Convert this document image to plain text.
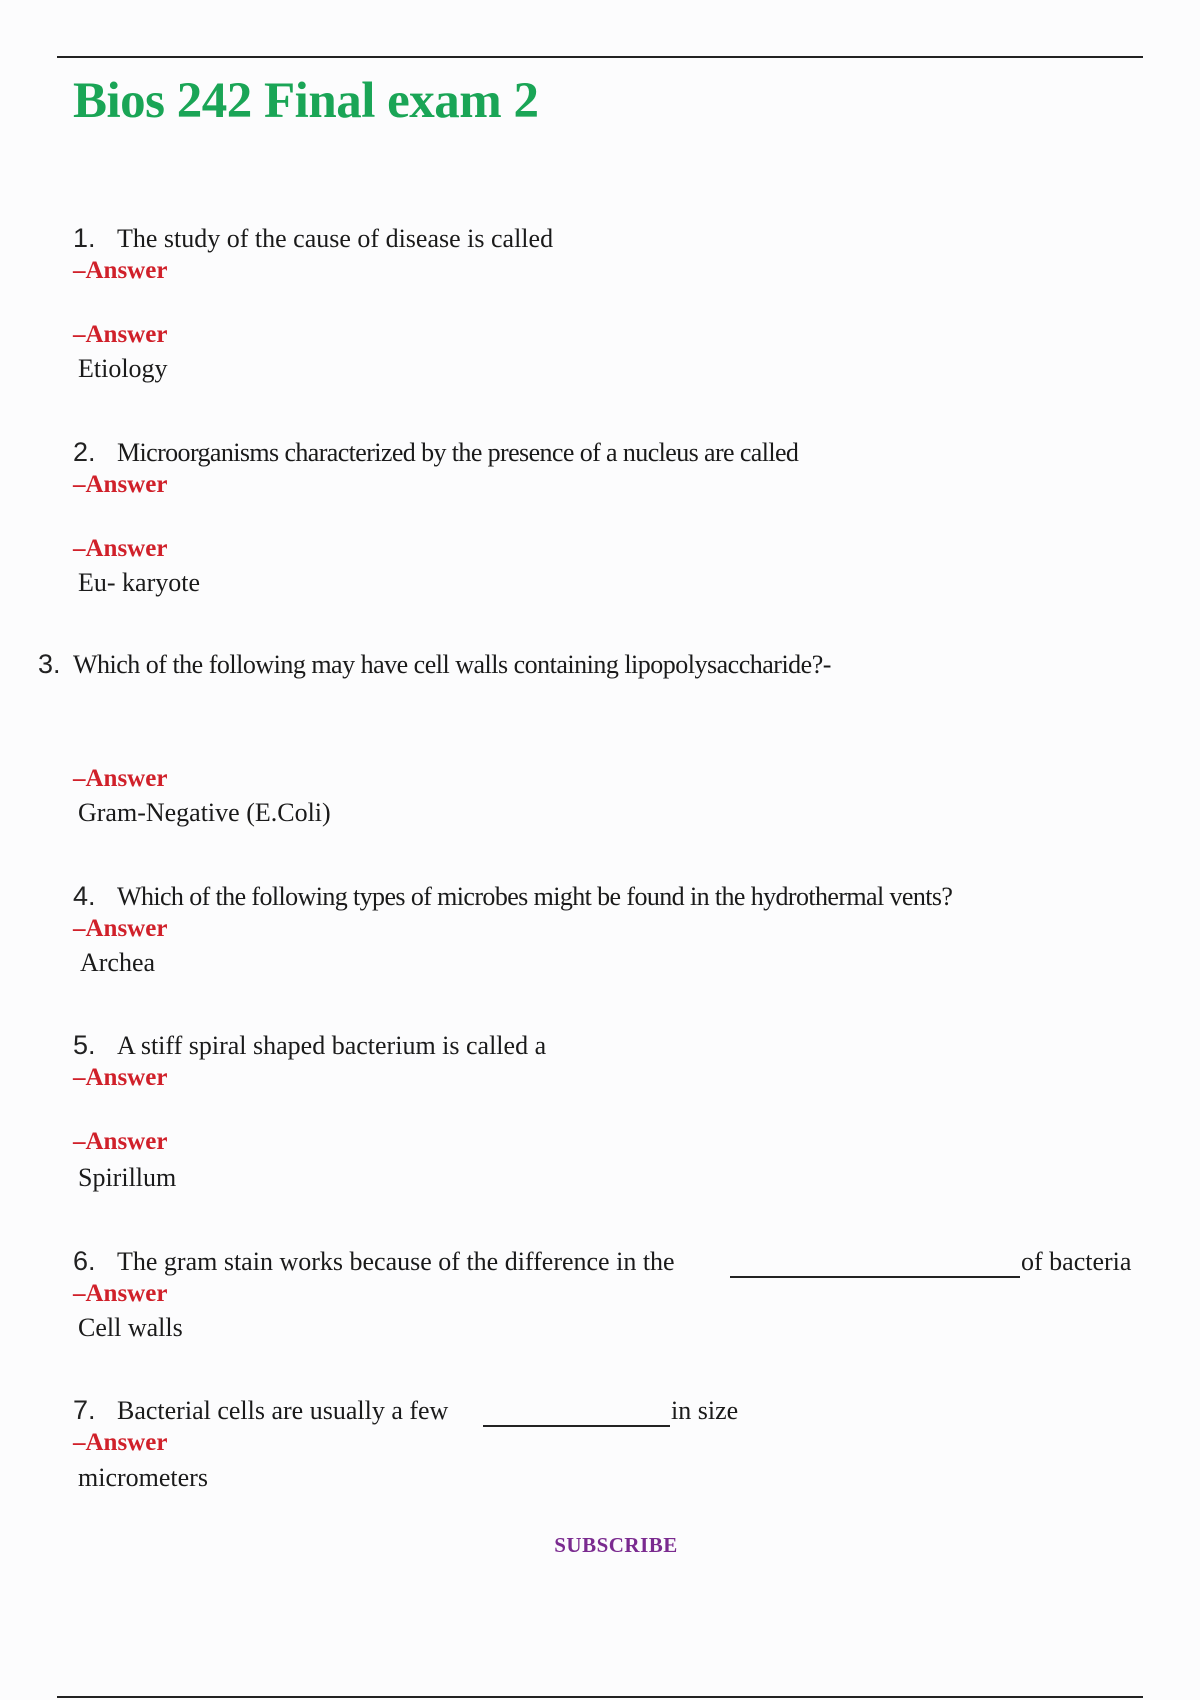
Bios 242 Final exam 2
1. The study of the cause of disease is called
–Answer
–Answer
Etiology
2. Microorganisms characterized by the presence of a nucleus are called
–Answer
–Answer
Eu- karyote
3. Which of the following may have cell walls containing lipopolysaccharide?-
–Answer
Gram-Negative (E.Coli)
4. Which of the following types of microbes might be found in the hydrothermal vents?
–Answer
Archea
5. A stiff spiral shaped bacterium is called a
–Answer
–Answer
Spirillum
6. The gram stain works because of the difference in the	of bacteria
–Answer
Cell walls
7. Bacterial cells are usually a few	in size
–Answer
micrometers
SUBSCRIBE
